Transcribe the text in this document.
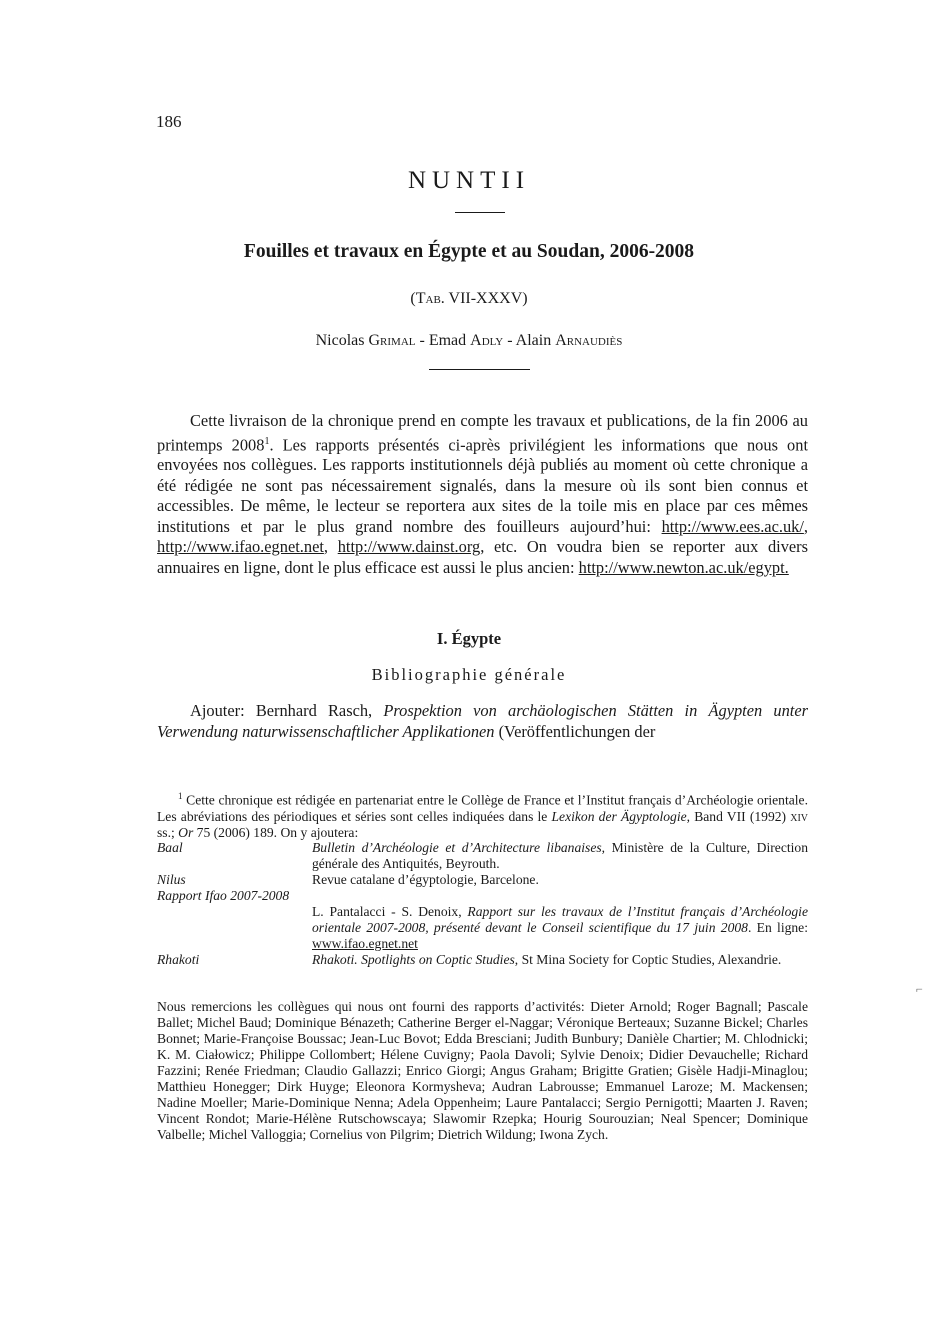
186
NUNTII
Fouilles et travaux en Égypte et au Soudan, 2006-2008
(Tab. VII-XXXV)
Nicolas Grimal - Emad Adly - Alain Arnaudiès

Cette livraison de la chronique prend en compte les travaux et publications, de la fin 2006 au printemps 2008$^1$. Les rapports présentés ci-après privilégient les informations que nous ont envoyées nos collègues. Les rapports institutionnels déjà publiés au moment où cette chronique a été rédigée ne sont pas nécessairement signalés, dans la mesure où ils sont bien connus et accessibles. De même, le lecteur se reportera aux sites de la toile mis en place par ces mêmes institutions et par le plus grand nombre des fouilleurs aujourd’hui: http://www.ees.ac.uk/, http://www.ifao.egnet.net, http://www.dainst.org, etc. On voudra bien se reporter aux divers annuaires en ligne, dont le plus efficace est aussi le plus ancien: http://www.newton.ac.uk/egypt.

I. Égypte
Bibliographie générale

Ajouter: Bernhard Rasch, Prospektion von archäologischen Stätten in Ägypten unter Verwendung naturwissenschaftlicher Applikationen (Veröffentlichungen der

$^1$ Cette chronique est rédigée en partenariat entre le Collège de France et l’Institut français d’Archéologie orientale. Les abréviations des périodiques et séries sont celles indiquées dans le Lexikon der Ägyptologie, Band VII (1992) xiv ss.; Or 75 (2006) 189. On y ajoutera:

Baal	Bulletin d’Archéologie et d’Architecture libanaises, Ministère de la Culture, Direction générale des Antiquités, Beyrouth.
Nilus	Revue catalane d’égyptologie, Barcelone.
Rapport Ifao 2007-2008
L. Pantalacci - S. Denoix, Rapport sur les travaux de l’Institut français d’Archéologie orientale 2007-2008, présenté devant le Conseil scientifique du 17 juin 2008. En ligne: www.ifao.egnet.net
Rhakoti	Rhakoti. Spotlights on Coptic Studies, St Mina Society for Coptic Studies, Alexandrie.

Nous remercions les collègues qui nous ont fourni des rapports d’activités: Dieter Arnold; Roger Bagnall; Pascale Ballet; Michel Baud; Dominique Bénazeth; Catherine Berger el-Naggar; Véronique Berteaux; Suzanne Bickel; Charles Bonnet; Marie-Françoise Boussac; Jean-Luc Bovot; Edda Bresciani; Judith Bunbury; Danièle Chartier; M. Chlodnicki; K. M. Ciałowicz; Philippe Collombert; Hélene Cuvigny; Paola Davoli; Sylvie Denoix; Didier Devauchelle; Richard Fazzini; Renée Friedman; Claudio Gallazzi; Enrico Giorgi; Angus Graham; Brigitte Gratien; Gisèle Hadji-Minaglou; Matthieu Honegger; Dirk Huyge; Eleonora Kormysheva; Audran Labrousse; Emmanuel Laroze; M. Mackensen; Nadine Moeller; Marie-Dominique Nenna; Adela Oppenheim; Laure Pantalacci; Sergio Pernigotti; Maarten J. Raven; Vincent Rondot; Marie-Hélène Rutschowscaya; Slawomir Rzepka; Hourig Sourouzian; Neal Spencer; Dominique Valbelle; Michel Valloggia; Cornelius von Pilgrim; Dietrich Wildung; Iwona Zych.

⌐
